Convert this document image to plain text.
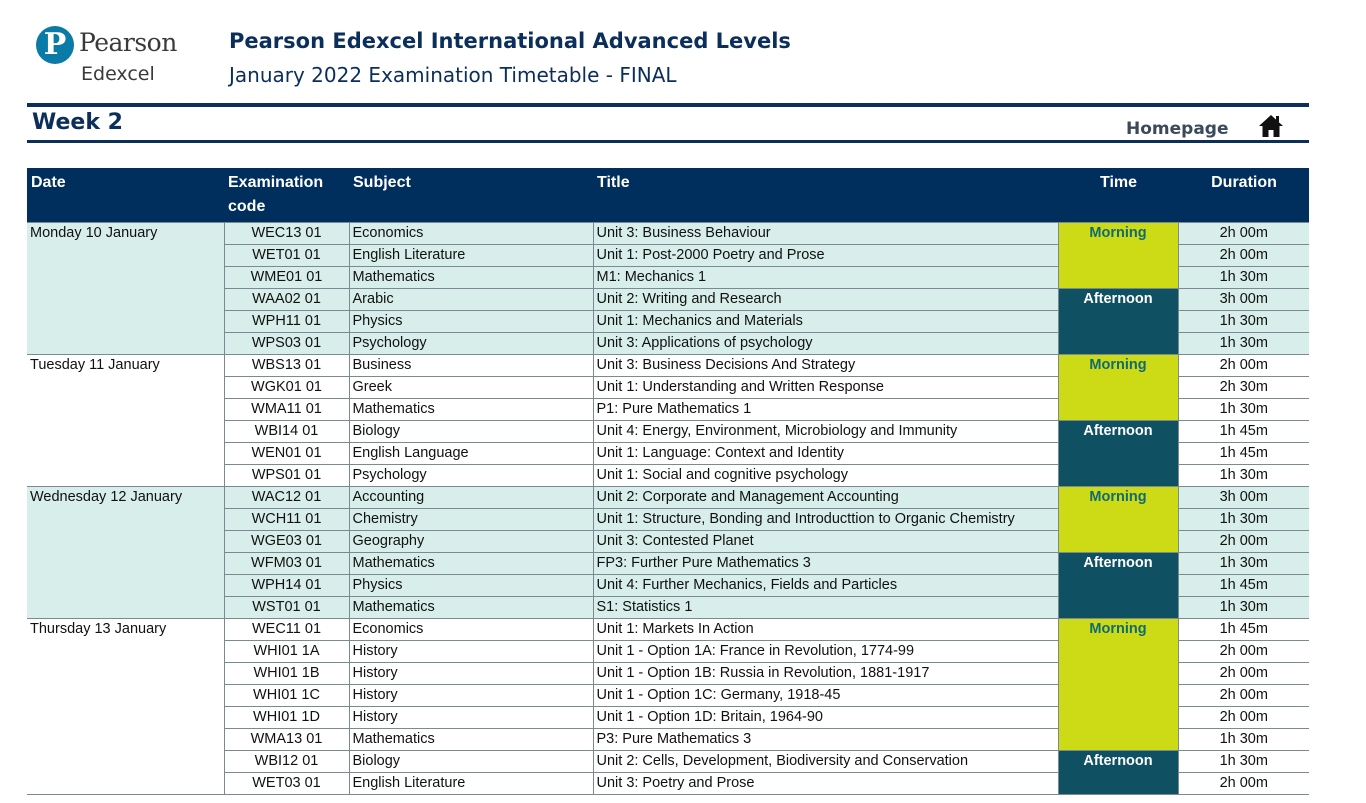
P Pearson
Edexcel
Pearson Edexcel International Advanced Levels
January 2022 Examination Timetable - FINAL
Week 2	Homepage
Date	Examination code	Subject	Title	Time	Duration
Monday 10 January	WEC13 01	Economics	Unit 3: Business Behaviour	Morning	2h 00m
	WET01 01	English Literature	Unit 1: Post-2000 Poetry and Prose		2h 00m
	WME01 01	Mathematics	M1: Mechanics 1		1h 30m
	WAA02 01	Arabic	Unit 2: Writing and Research	Afternoon	3h 00m
	WPH11 01	Physics	Unit 1: Mechanics and Materials		1h 30m
	WPS03 01	Psychology	Unit 3: Applications of psychology		1h 30m
Tuesday 11 January	WBS13 01	Business	Unit 3: Business Decisions And Strategy	Morning	2h 00m
	WGK01 01	Greek	Unit 1: Understanding and Written Response		2h 30m
	WMA11 01	Mathematics	P1: Pure Mathematics 1		1h 30m
	WBI14 01	Biology	Unit 4: Energy, Environment, Microbiology and Immunity	Afternoon	1h 45m
	WEN01 01	English Language	Unit 1: Language: Context and Identity		1h 45m
	WPS01 01	Psychology	Unit 1: Social and cognitive psychology		1h 30m
Wednesday 12 January	WAC12 01	Accounting	Unit 2: Corporate and Management Accounting	Morning	3h 00m
	WCH11 01	Chemistry	Unit 1: Structure, Bonding and Introducttion to Organic Chemistry		1h 30m
	WGE03 01	Geography	Unit 3: Contested Planet		2h 00m
	WFM03 01	Mathematics	FP3: Further Pure Mathematics 3	Afternoon	1h 30m
	WPH14 01	Physics	Unit 4: Further Mechanics, Fields and Particles		1h 45m
	WST01 01	Mathematics	S1: Statistics 1		1h 30m
Thursday 13 January	WEC11 01	Economics	Unit 1: Markets In Action	Morning	1h 45m
	WHI01 1A	History	Unit 1 - Option 1A: France in Revolution, 1774-99		2h 00m
	WHI01 1B	History	Unit 1 - Option 1B: Russia in Revolution, 1881-1917		2h 00m
	WHI01 1C	History	Unit 1 - Option 1C: Germany, 1918-45		2h 00m
	WHI01 1D	History	Unit 1 - Option 1D: Britain, 1964-90		2h 00m
	WMA13 01	Mathematics	P3: Pure Mathematics 3		1h 30m
	WBI12 01	Biology	Unit 2: Cells, Development, Biodiversity and Conservation	Afternoon	1h 30m
	WET03 01	English Literature	Unit 3: Poetry and Prose		2h 00m
